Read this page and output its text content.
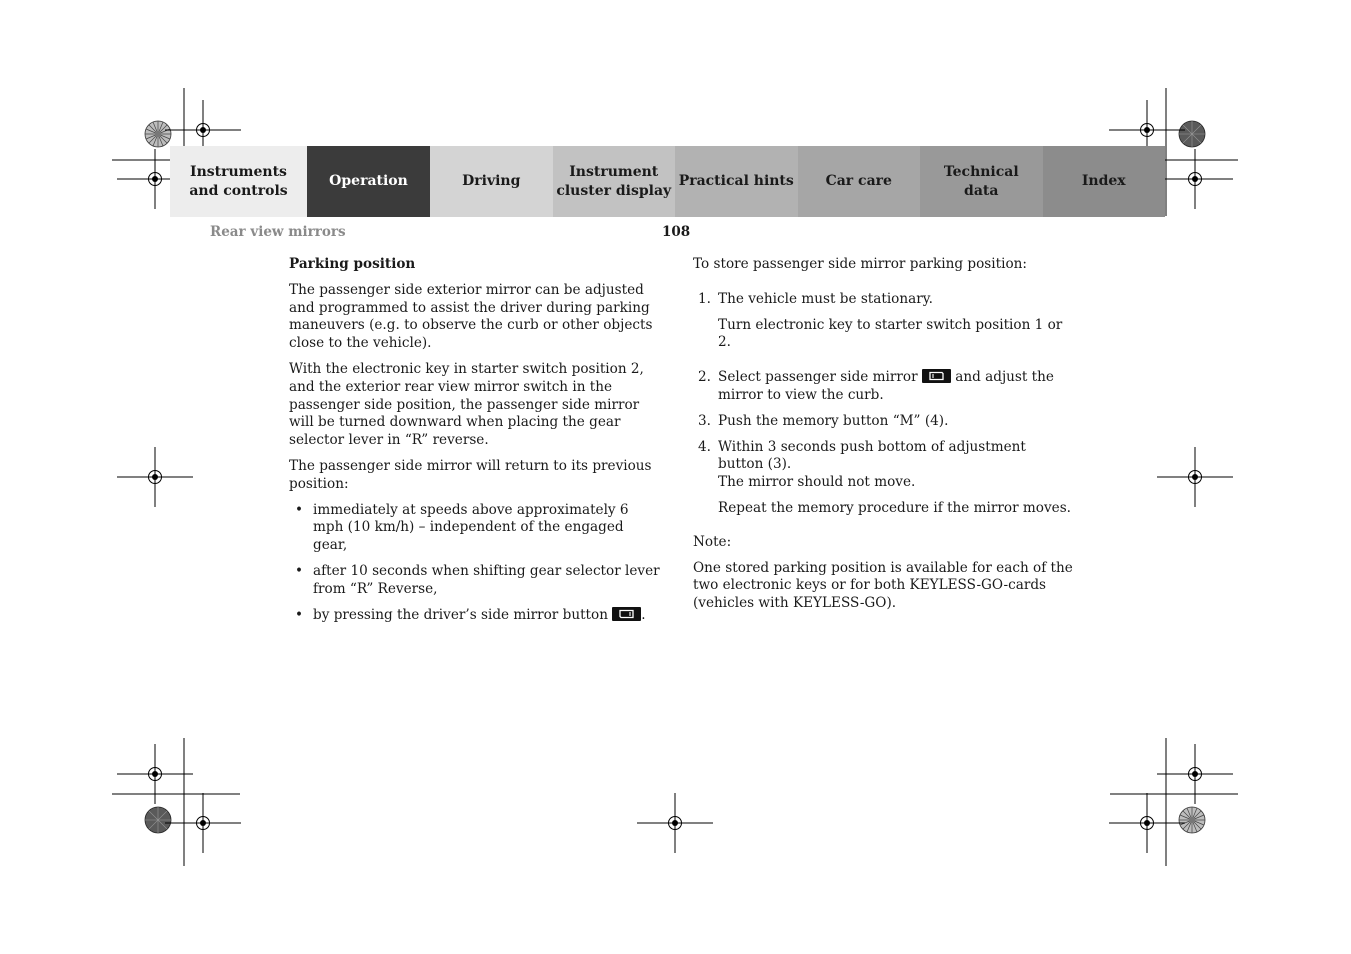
Instruments
and controls
Operation	Driving
Instrument
cluster display
Practical hints Car care
Technical
data
Index
Rear view mirrors	108
Parking position

The passenger side exterior mirror can be adjusted and programmed to assist the driver during parking maneuvers (e.g. to observe the curb or other objects close to the vehicle).

With the electronic key in starter switch position 2, and the exterior rear view mirror switch in the passenger side position, the passenger side mirror will be turned downward when placing the gear selector lever in “R” reverse.

The passenger side mirror will return to its previous position:

• immediately at speeds above approximately 6 mph (10 km/h) – independent of the engaged gear,
• after 10 seconds when shifting gear selector lever from “R” Reverse,
• by pressing the driver’s side mirror button .

To store passenger side mirror parking position:

1. The vehicle must be stationary.
Turn electronic key to starter switch position 1 or 2.
2. Select passenger side mirror	and adjust the mirror to view the curb.
3. Push the memory button “M” (4).
4. Within 3 seconds push bottom of adjustment button (3).
The mirror should not move.
Repeat the memory procedure if the mirror moves.

Note:

One stored parking position is available for each of the two electronic keys or for both KEYLESS-GO-cards (vehicles with KEYLESS-GO).
